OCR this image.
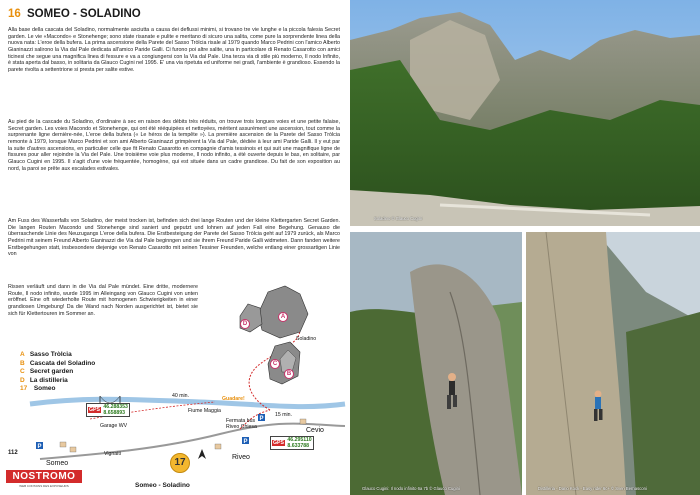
16 SOMEO - SOLADINO

Alla base della cascata del Soladino, normalmente asciutta a causa dei deflussi minimi, si trovano tre vie lunghe e la piccola falesia Secret garden. Le vie «Macondo» e Stonehenge; sono state risanate e pulite e meritano di sicuro una salita, come pure la sorprendente linea della nuova nata: L'eroe della bufera. La prima ascensione della Parete del Sasso Tròlcia risale al 1979 quando Marco Pedrini con l'amico Alberto Gianinazzi salirono la Via dal Pale dedicata all'amico Paride Galli. Ci furono poi altre salite, una in particolare di Renato Casarotto con amici ticinesi che segue una magnifica linea di fessure e va a congiungersi con la Via dal Pale. Una terza via di stile più moderno, Il nodo Infinito, è stata aperta dal basso, in solitaria da Glauco Cugini nel 1995. E' una via ripetuta ed uniforme nei gradi, l'ambiente è grandioso. Essendo la parete rivolta a settentrione si presta per salite estive.

Au pied de la cascade du Soladino, d'ordinaire à sec en raison des débits très réduits, on trouve trois longues voies et une petite falaise, Secret garden. Les voies Macondo et Stonehenge, qui ont été rééquipées et nettoyées, méritent assurément une ascension, tout comme la surprenante ligne dernière-née, L'eroe della bufera (« Le héros de la tempête »). La première ascension de la Parete del Sasso Tròlcia remonte à 1979, lorsque Marco Pedrini et son ami Alberto Gianinazzi grimpèrent la Via dal Pale, dédiée à leur ami Paride Galli. Il y eut par la suite d'autres ascensions, en particulier celle que fit Renato Casarotto en compagnie d'amis tessinois et qui suit une magnifique ligne de fissures pour aller rejoindre la Via del Pale. Une troisième voie plus moderne, Il nodo infinito, a été ouverte depuis le bas, en solitaire, par Glauco Cugini en 1995. Il s'agit d'une voie fréquentée, homogène, qui est située dans un cadre grandiose. Du fait de son exposition au nord, la paroi se prête aux escalades estivales.

Am Fuss des Wasserfalls von Soladino, der meist trocken ist, befinden sich drei lange Routen und der kleine Klettergarten Secret Garden. Die langen Routen Macondo und Stonehenge sind saniert und geputzt und lohnen auf jeden Fall eine Begehung. Genauso die überraschende Linie des Neuzugangs L'eroe della bufera. Die Erstbesteigung der Parete del Sasso Tròlcia geht auf 1979 zurück, als Marco Pedrini mit seinem Freund Alberto Gianinazzi die Via dal Pale beginngen und sie ihrem Freund Paride Galli widmeten. Dann fanden weitere Erstbegehungen statt, insbesondere diejenige von Renato Casarotto mit seinen Tessiner Freunden, welche entlang einer grossartigen Linie von

Rissen verläuft und dann in die Via dal Pale mündet. Eine dritte, modernere Route, Il nodo infinito, wurde 1995 im Alleingang von Glauco Cugini von unten eröffnet. Eine oft wiederholte Route mit homogenen Schwierigkeiten in einer grandiosen Umgebung! Da die Wand nach Norden ausgerichtet ist, bietet sie sich für Klettertouren im Sommer an.

P
P
P
A
B
C
D
Soladino
40 min.
15 min.
Fiume Maggia
Guadare!
Garage WV
Fermata bus Riveo Chiesa
Cevio
Riveo
Someo
Vignaiti
GPS
46.288353
8.658893
GPS
46.295110
8.633788
A Sasso Tròlcia
B Cascata del Soladino
C Secret garden
D La distilleria
17 Someo
17
112
NOSTROMO
WEB CONTAINS DES EXPOSEURS	Someo - Soladino
Soladino © Glauco Cugini
Glauco Cugini: Il nodo infinito 6a 7b © Glauco Cugini	Distilleria - Dario Kock - Easy rider 6c+ © Sven Bernasconi
